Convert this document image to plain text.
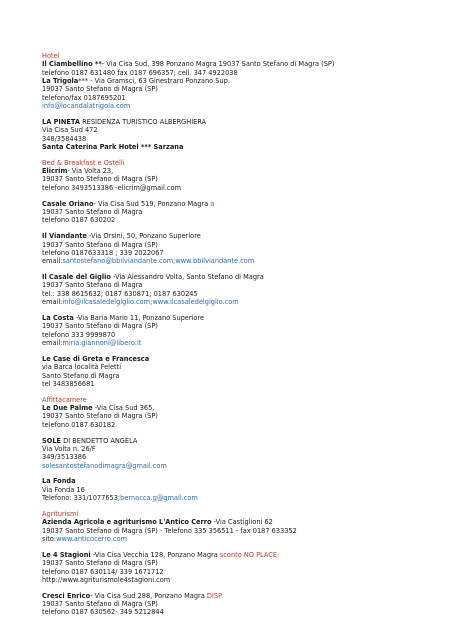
Hotel
Il Ciambellino **- Via Cisa Sud, 398 Ponzano Magra 19037 Santo Stefano di Magra (SP)
telefono 0187 631480 fax 0187 696357; cell. 347 4922038
La Trigola*** - Via Gramsci, 63 Ginestraro Ponzano Sup.
19037 Santo Stefano di Magra (SP)
telefono/fax 0187695201
info@locandalatrigola.com
LA PINETA RESIDENZA TURISTICO ALBERGHIERA
Via Cisa Sud 472
348/3584438
Santa Caterina Park Hotel *** Sarzana
Bed & Breakfast e Ostelli
Elicrim- Via Volta 23,
19037 Santo Stefano di Magra (SP)
telefono 3493513386 -elicrim@gmail.com
Casale Oriano- Via Cisa Sud 519, Ponzano Magra a
19037 Santo Stefano di Magra
telefono 0187 630202
Il Viandante -Via Orsini, 50, Ponzano Superiore
19037 Santo Stefano di Magra (SP)
telefono 0187633318 ; 339 2022067
email:santostefano@bbilviandante.com;www.bbilviandante.com
Il Casale del Giglio -Via Alessandro Volta, Santo Stefano di Magra
19037 Santo Stefano di Magra
tel.: 338 8615632; 0187 630871; 0187 630245
email:info@ilcasaledelgiglio.com;www.ilcasaledelgiglio.com
La Costa -Via Baria Mario 11, Ponzano Superiore
19037 Santo Stefano di Magra (SP)
telefono 333 9999870
email:miria.giannoni@libero.it
Le Case di Greta e Francesca
via Barca località Feletti
Santo Stefano di Magra
tel 3483856681
Affittacamere
Le Due Palme -Via Cisa Sud 365,
19037 Santo Stefano di Magra (SP)
telefono 0187 630182
SOLE DI BENDETTO ANGELA
Via Volta n. 26/F
349/3513386
solesantostefanodimagra@gmail.com
La Fonda
Via Fonda 16
Telefono: 331/1077653;bernacca.g@gmail.com
Agriturismi
Azienda Agricola e agriturismo L'Antico Cerro -Via Castiglioni 62
19037 Santo Stefano di Magra (SP) - Telefono 335 356511 - fax 0187 633352
sito:www.anticocerro.com
Le 4 Stagioni -Via Cisa Vecchia 128, Ponzano Magra sconto NO PLACE:
19037 Santo Stefano di Magra (SP)
telefono 0187 630114/ 339 1671712
http://www.agriturismole4stagioni.com
Cresci Enrico- Via Cisa Sud 288, Ponzano Magra DISP.
19037 Santo Stefano di Magra (SP)
telefono 0187 630562- 349 5212844
